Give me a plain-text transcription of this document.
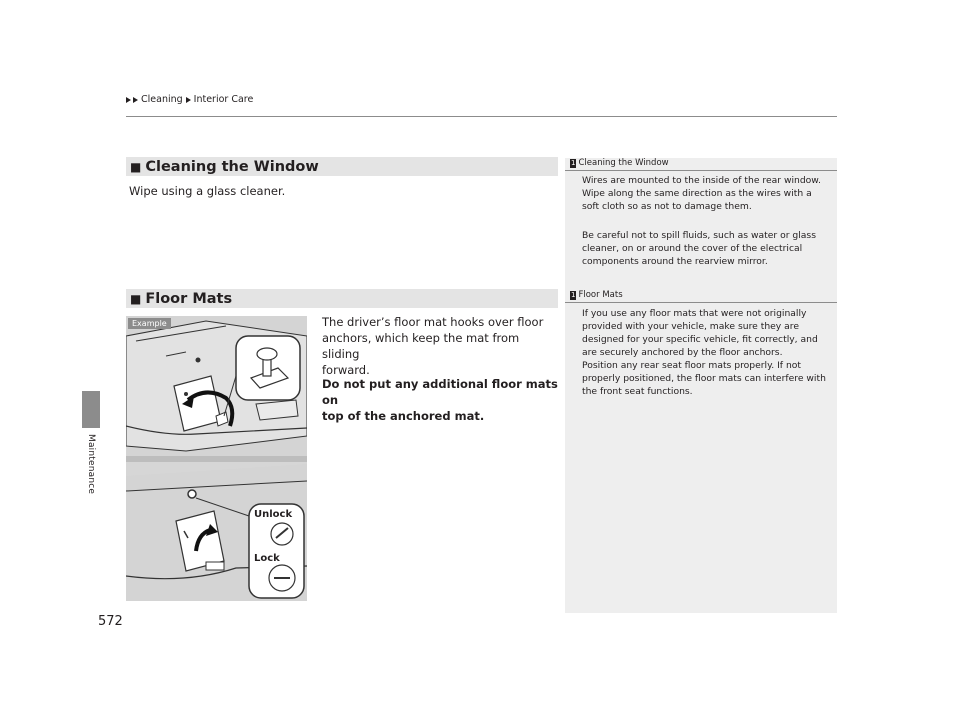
Cleaning Interior Care
Maintenance
■ Cleaning the Window
Wipe using a glass cleaner.
■ Floor Mats
The driver’s floor mat hooks over floor
anchors, which keep the mat from sliding
forward.
Do not put any additional floor mats on
top of the anchored mat.
Example
Unlock
Lock
1 Cleaning the Window
Wires are mounted to the inside of the rear window.
Wipe along the same direction as the wires with a
soft cloth so as not to damage them.
Be careful not to spill fluids, such as water or glass
cleaner, on or around the cover of the electrical
components around the rearview mirror.
1 Floor Mats
If you use any floor mats that were not originally
provided with your vehicle, make sure they are
designed for your specific vehicle, fit correctly, and
are securely anchored by the floor anchors.
Position any rear seat floor mats properly. If not
properly positioned, the floor mats can interfere with
the front seat functions.
572
